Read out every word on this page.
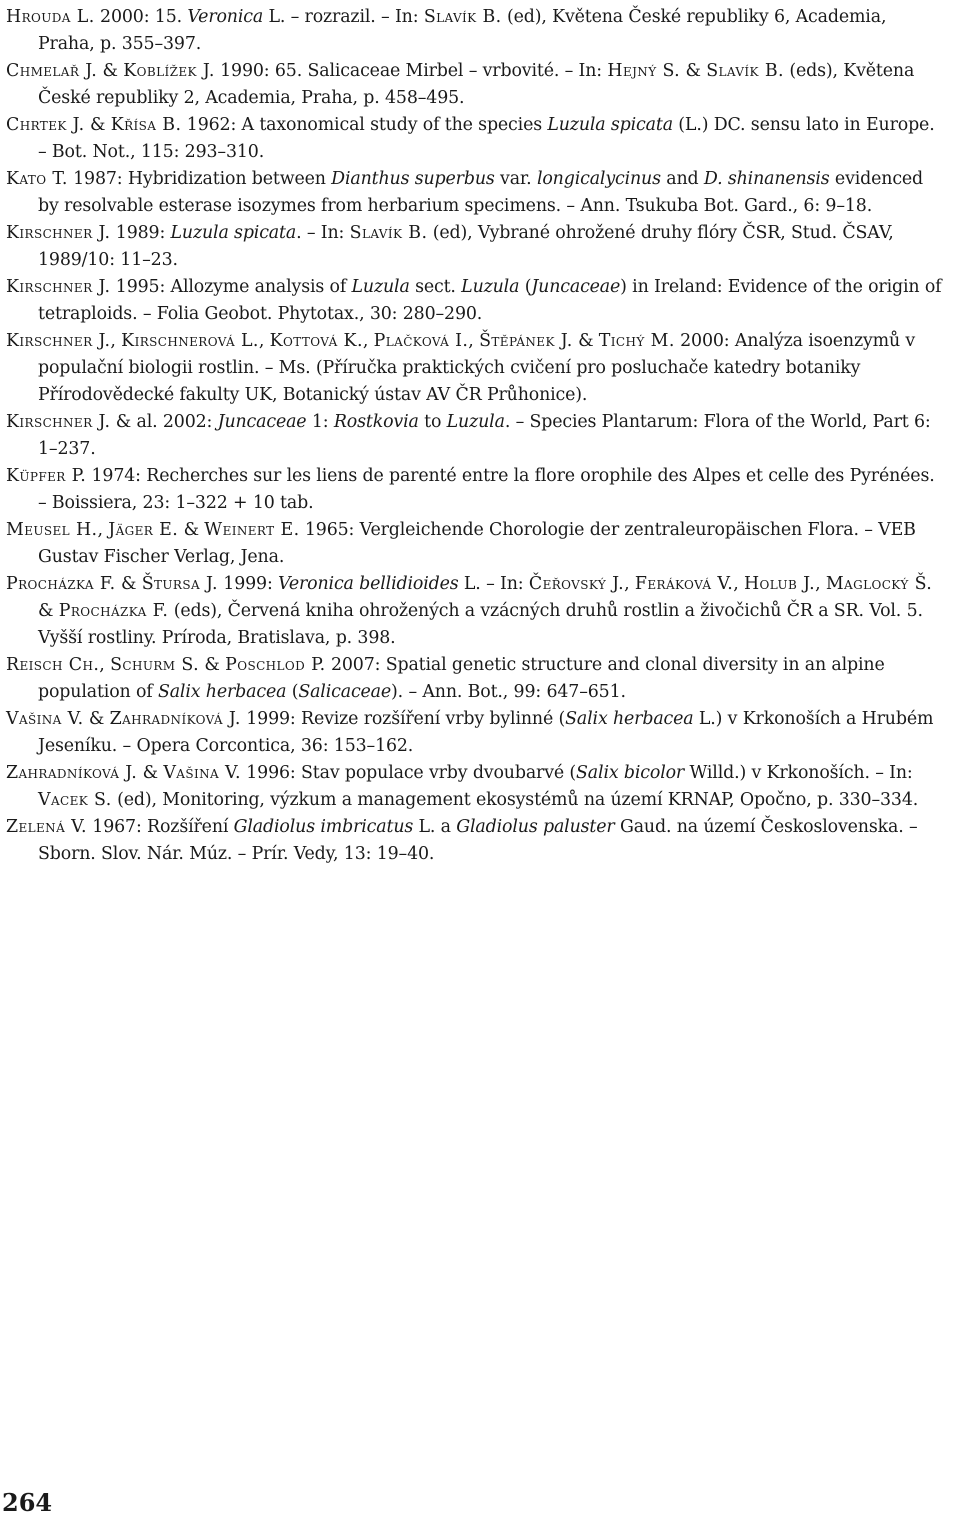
Hrouda L. 2000: 15. Veronica L. – rozrazil. – In: Slavík B. (ed), Květena České republiky 6, Academia, Praha, p. 355–397.

Chmelař J. & Koblížek J. 1990: 65. Salicaceae Mirbel – vrbovité. – In: Hejný S. & Slavík B. (eds), Květena České republiky 2, Academia, Praha, p. 458–495.

Chrtek J. & Křísa B. 1962: A taxonomical study of the species Luzula spicata (L.) DC. sensu lato in Europe. – Bot. Not., 115: 293–310.

Kato T. 1987: Hybridization between Dianthus superbus var. longicalycinus and D. shinanensis evidenced by resolvable esterase isozymes from herbarium specimens. – Ann. Tsukuba Bot. Gard., 6: 9–18.

Kirschner J. 1989: Luzula spicata. – In: Slavík B. (ed), Vybrané ohrožené druhy flóry ČSR, Stud. ČSAV, 1989/10: 11–23.

Kirschner J. 1995: Allozyme analysis of Luzula sect. Luzula (Juncaceae) in Ireland: Evidence of the origin of tetraploids. – Folia Geobot. Phytotax., 30: 280–290.

Kirschner J., Kirschnerová L., Kottová K., Plačková I., Štěpánek J. & Tichý M. 2000: Analýza isoenzymů v populační biologii rostlin. – Ms. (Příručka praktických cvičení pro posluchače katedry botaniky Přírodovědecké fakulty UK, Botanický ústav AV ČR Průhonice).

Kirschner J. & al. 2002: Juncaceae 1: Rostkovia to Luzula. – Species Plantarum: Flora of the World, Part 6: 1–237.

Küpfer P. 1974: Recherches sur les liens de parenté entre la flore orophile des Alpes et celle des Pyrénées. – Boissiera, 23: 1–322 + 10 tab.

Meusel H., Jäger E. & Weinert E. 1965: Vergleichende Chorologie der zentraleuropäischen Flora. – VEB Gustav Fischer Verlag, Jena.

Procházka F. & Štursa J. 1999: Veronica bellidioides L. – In: Čeřovský J., Feráková V., Holub J., Maglocký Š. & Procházka F. (eds), Červená kniha ohrožených a vzácných druhů rostlin a živočichů ČR a SR. Vol. 5. Vyšší rostliny. Príroda, Bratislava, p. 398.

Reisch Ch., Schurm S. & Poschlod P. 2007: Spatial genetic structure and clonal diversity in an alpine population of Salix herbacea (Salicaceae). – Ann. Bot., 99: 647–651.

Vašina V. & Zahradníková J. 1999: Revize rozšíření vrby bylinné (Salix herbacea L.) v Krkonoších a Hrubém Jeseníku. – Opera Corcontica, 36: 153–162.

Zahradníková J. & Vašina V. 1996: Stav populace vrby dvoubarvé (Salix bicolor Willd.) v Krkonoších. – In: Vacek S. (ed), Monitoring, výzkum a management ekosystémů na území KRNAP, Opočno, p. 330–334.

Zelená V. 1967: Rozšíření Gladiolus imbricatus L. a Gladiolus paluster Gaud. na území Československa. – Sborn. Slov. Nár. Múz. – Prír. Vedy, 13: 19–40.

264
